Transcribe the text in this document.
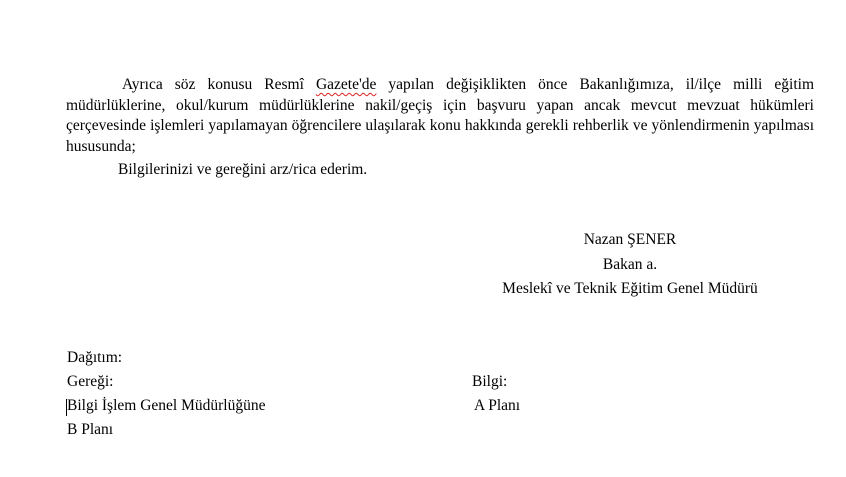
Ayrıca söz konusu Resmî Gazete'de yapılan değişiklikten önce Bakanlığımıza, il/ilçe milli eğitim müdürlüklerine, okul/kurum müdürlüklerine nakil/geçiş için başvuru yapan ancak mevcut mevzuat hükümleri çerçevesinde işlemleri yapılamayan öğrencilere ulaşılarak konu hakkında gerekli rehberlik ve yönlendirmenin yapılması hususunda;

Bilgilerinizi ve gereğini arz/rica ederim.

Nazan ŞENER
Bakan a.
Meslekî ve Teknik Eğitim Genel Müdürü
Dağıtım:
Gereği:	Bilgi:
Bilgi İşlem Genel Müdürlüğüne	A Planı
B Planı
